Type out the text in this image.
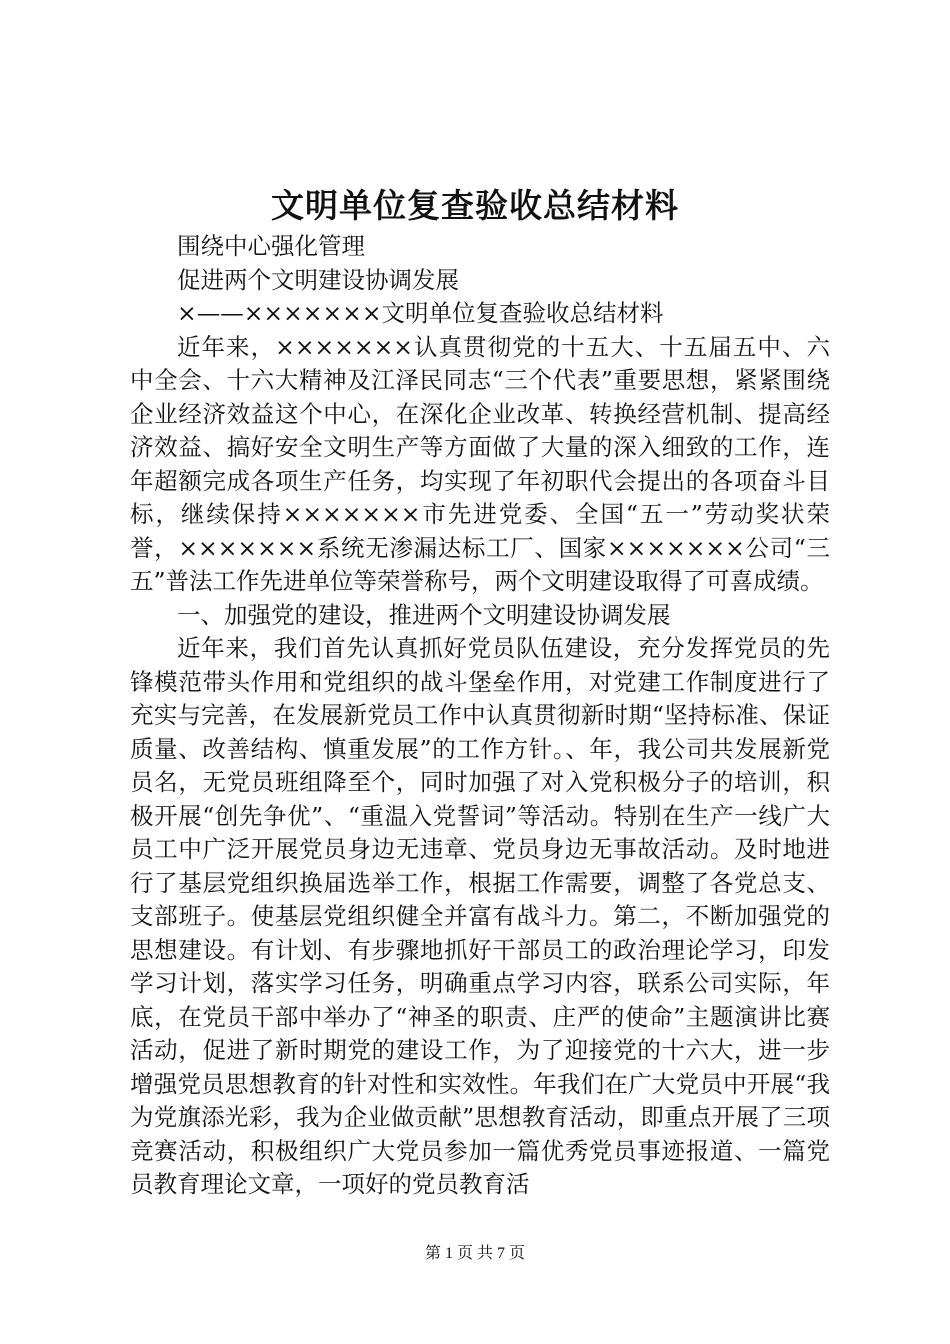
文明单位复查验收总结材料

围绕中心强化管理

促进两个文明建设协调发展

×——×××××××文明单位复查验收总结材料

近年来，×××××××认真贯彻党的十五大、十五届五中、六中全会、十六大精神及江泽民同志“三个代表”重要思想，紧紧围绕企业经济效益这个中心，在深化企业改革、转换经营机制、提高经济效益、搞好安全文明生产等方面做了大量的深入细致的工作，连年超额完成各项生产任务，均实现了年初职代会提出的各项奋斗目标，继续保持×××××××市先进党委、全国“五一”劳动奖状荣誉，×××××××系统无渗漏达标工厂、国家×××××××公司“三五”普法工作先进单位等荣誉称号，两个文明建设取得了可喜成绩。

一、加强党的建设，推进两个文明建设协调发展

近年来，我们首先认真抓好党员队伍建设，充分发挥党员的先锋模范带头作用和党组织的战斗堡垒作用，对党建工作制度进行了充实与完善，在发展新党员工作中认真贯彻新时期“坚持标准、保证质量、改善结构、慎重发展”的工作方针。、年，我公司共发展新党员名，无党员班组降至个，同时加强了对入党积极分子的培训，积极开展“创先争优”、“重温入党誓词”等活动。特别在生产一线广大员工中广泛开展党员身边无违章、党员身边无事故活动。及时地进行了基层党组织换届选举工作，根据工作需要，调整了各党总支、支部班子。使基层党组织健全并富有战斗力。第二，不断加强党的思想建设。有计划、有步骤地抓好干部员工的政治理论学习，印发学习计划，落实学习任务，明确重点学习内容，联系公司实际，年底，在党员干部中举办了“神圣的职责、庄严的使命”主题演讲比赛活动，促进了新时期党的建设工作，为了迎接党的十六大，进一步增强党员思想教育的针对性和实效性。年我们在广大党员中开展“我为党旗添光彩，我为企业做贡献”思想教育活动，即重点开展了三项竞赛活动，积极组织广大党员参加一篇优秀党员事迹报道、一篇党员教育理论文章，一项好的党员教育活

第 1 页 共 7 页
